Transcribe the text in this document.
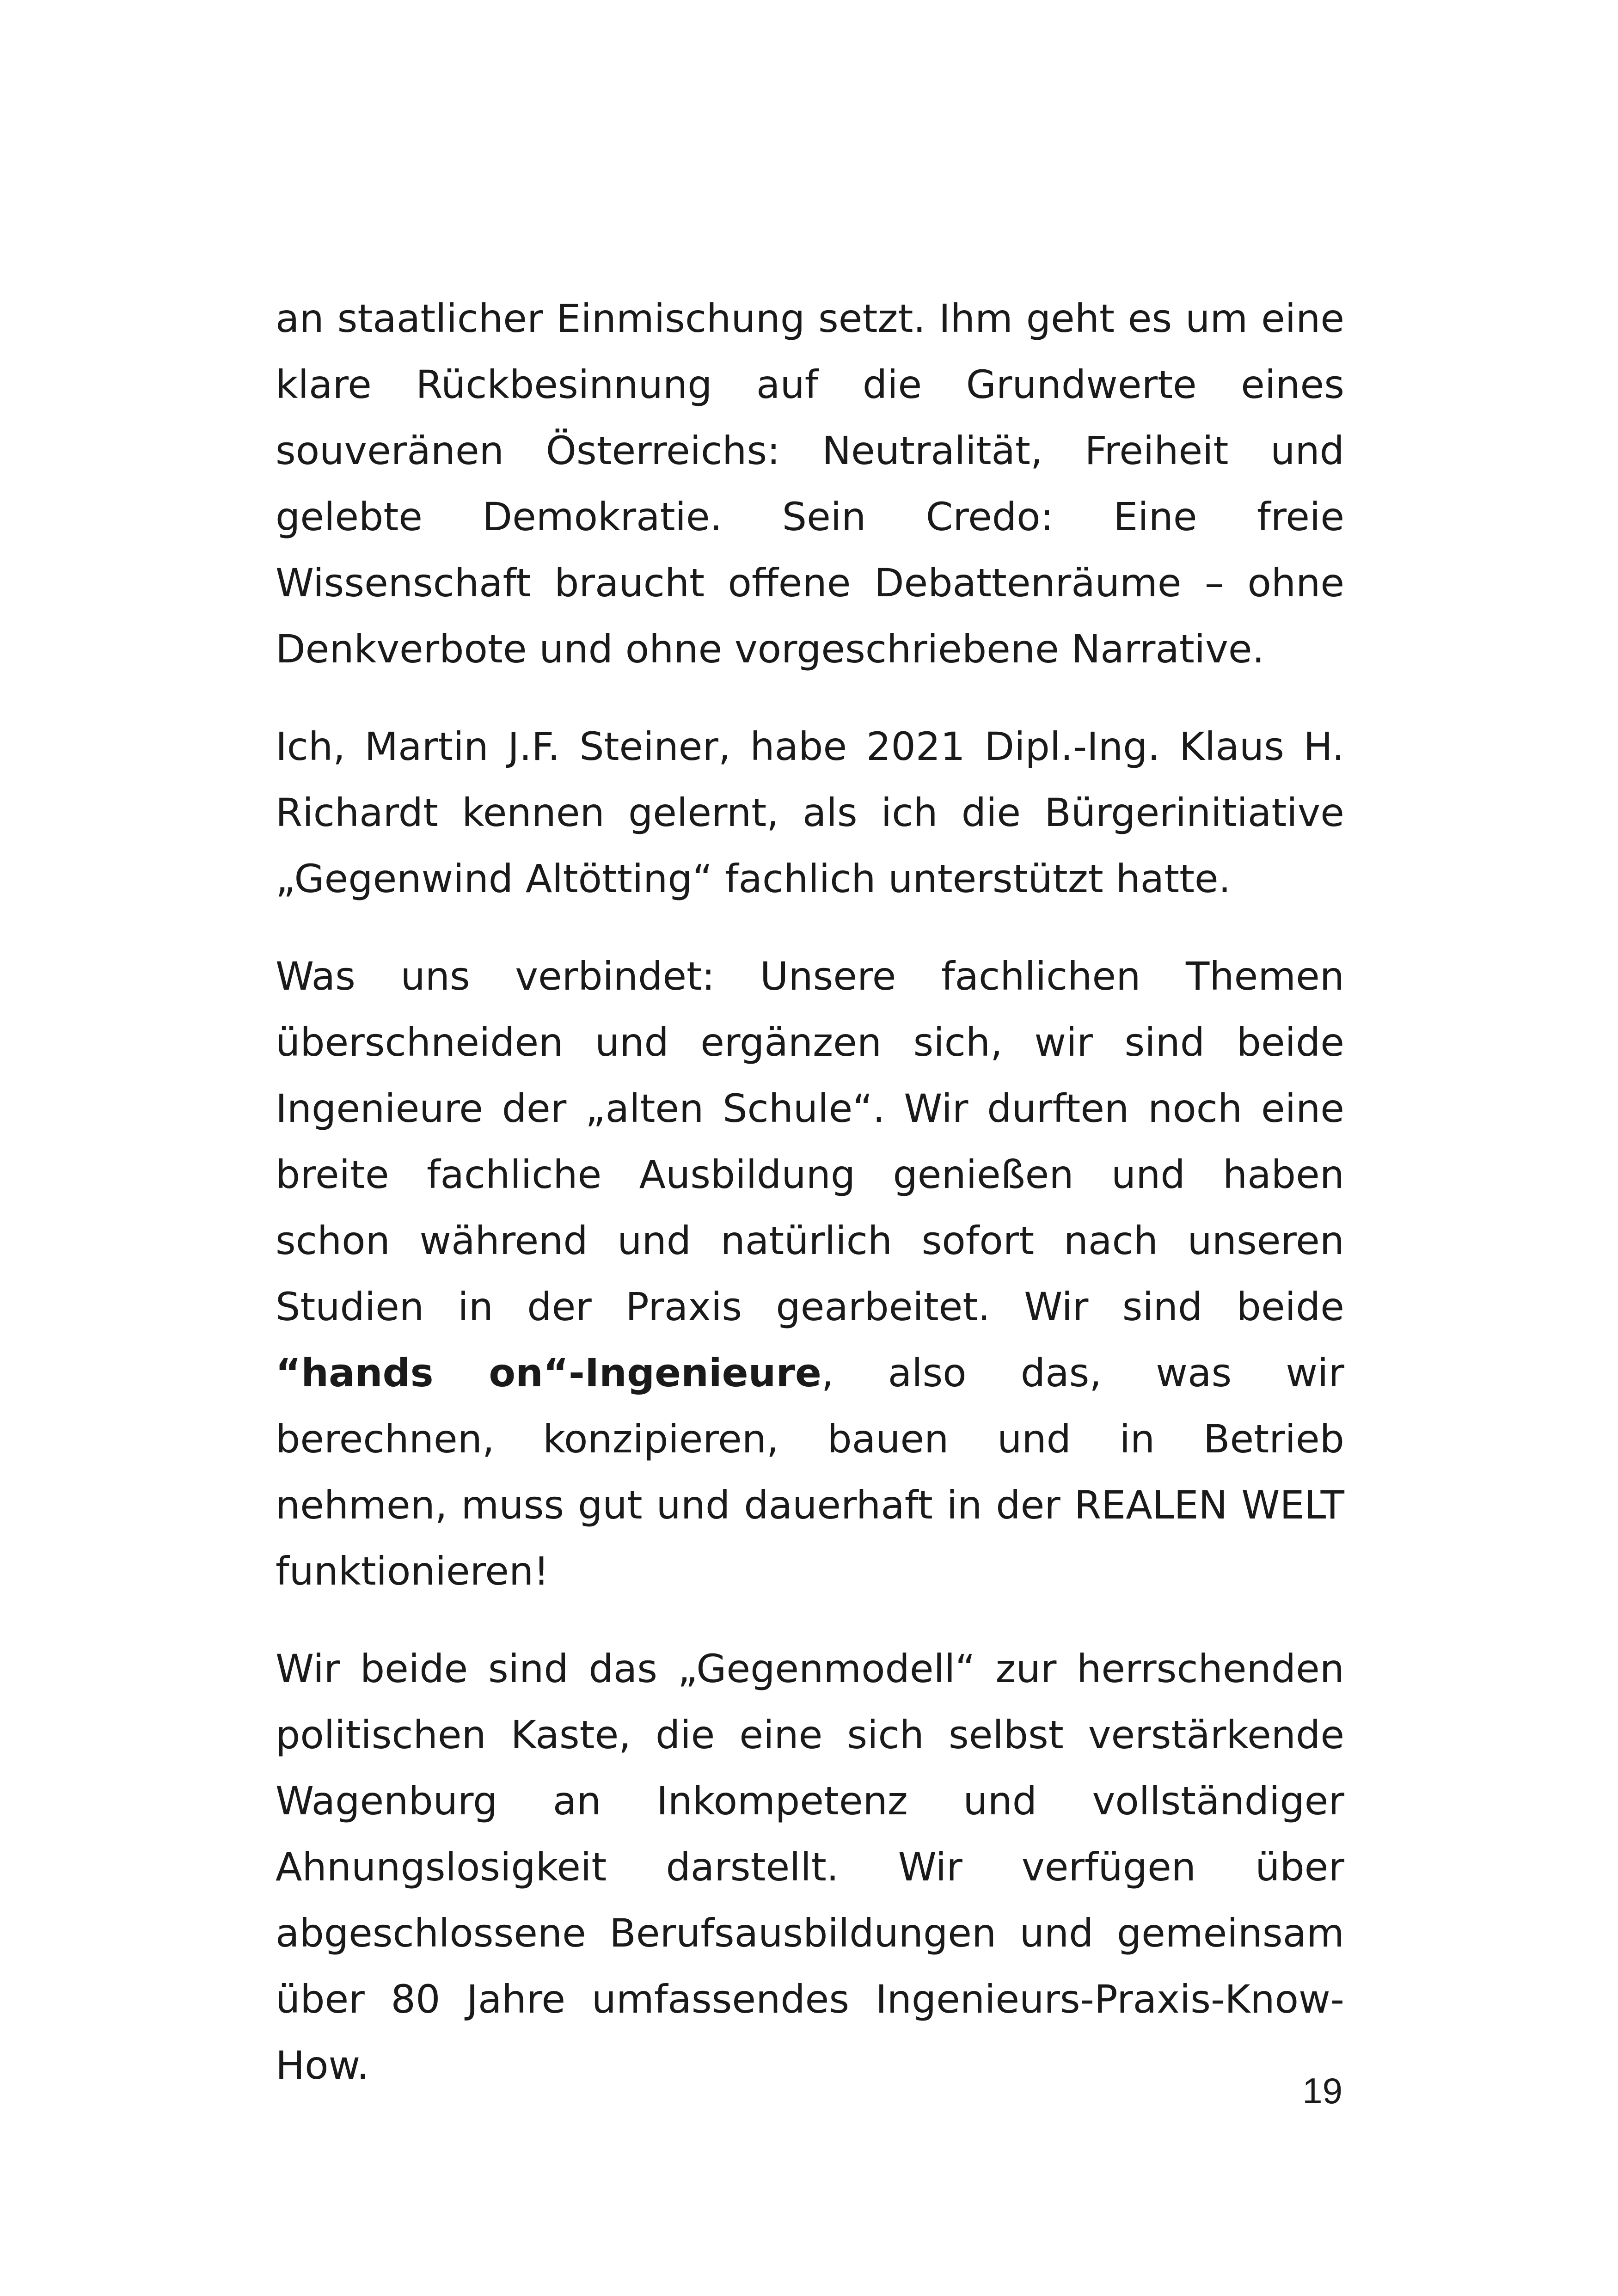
an staatlicher Einmischung setzt. Ihm geht es um eine klare Rückbesinnung auf die Grundwerte eines souveränen Österreichs: Neutralität, Freiheit und gelebte Demokratie. Sein Credo: Eine freie Wissenschaft braucht offene Debattenräume – ohne Denkverbote und ohne vorgeschriebene Narrative.

Ich, Martin J.F. Steiner, habe 2021 Dipl.-Ing. Klaus H. Richardt kennen gelernt, als ich die Bürgerinitiative „Gegenwind Altötting“ fachlich unterstützt hatte.

Was uns verbindet: Unsere fachlichen Themen überschneiden und ergänzen sich, wir sind beide Ingenieure der „alten Schule“. Wir durften noch eine breite fachliche Ausbildung genießen und haben schon während und natürlich sofort nach unseren Studien in der Praxis gearbeitet. Wir sind beide “hands on“-Ingenieure, also das, was wir berechnen, konzipieren, bauen und in Betrieb nehmen, muss gut und dauerhaft in der REALEN WELT funktionieren!

Wir beide sind das „Gegenmodell“ zur herrschenden politischen Kaste, die eine sich selbst verstärkende Wagenburg an Inkompetenz und vollständiger Ahnungslosigkeit darstellt. Wir verfügen über abgeschlossene Berufsausbildungen und gemeinsam über 80 Jahre umfassendes Ingenieurs-Praxis-Know-How.

19
